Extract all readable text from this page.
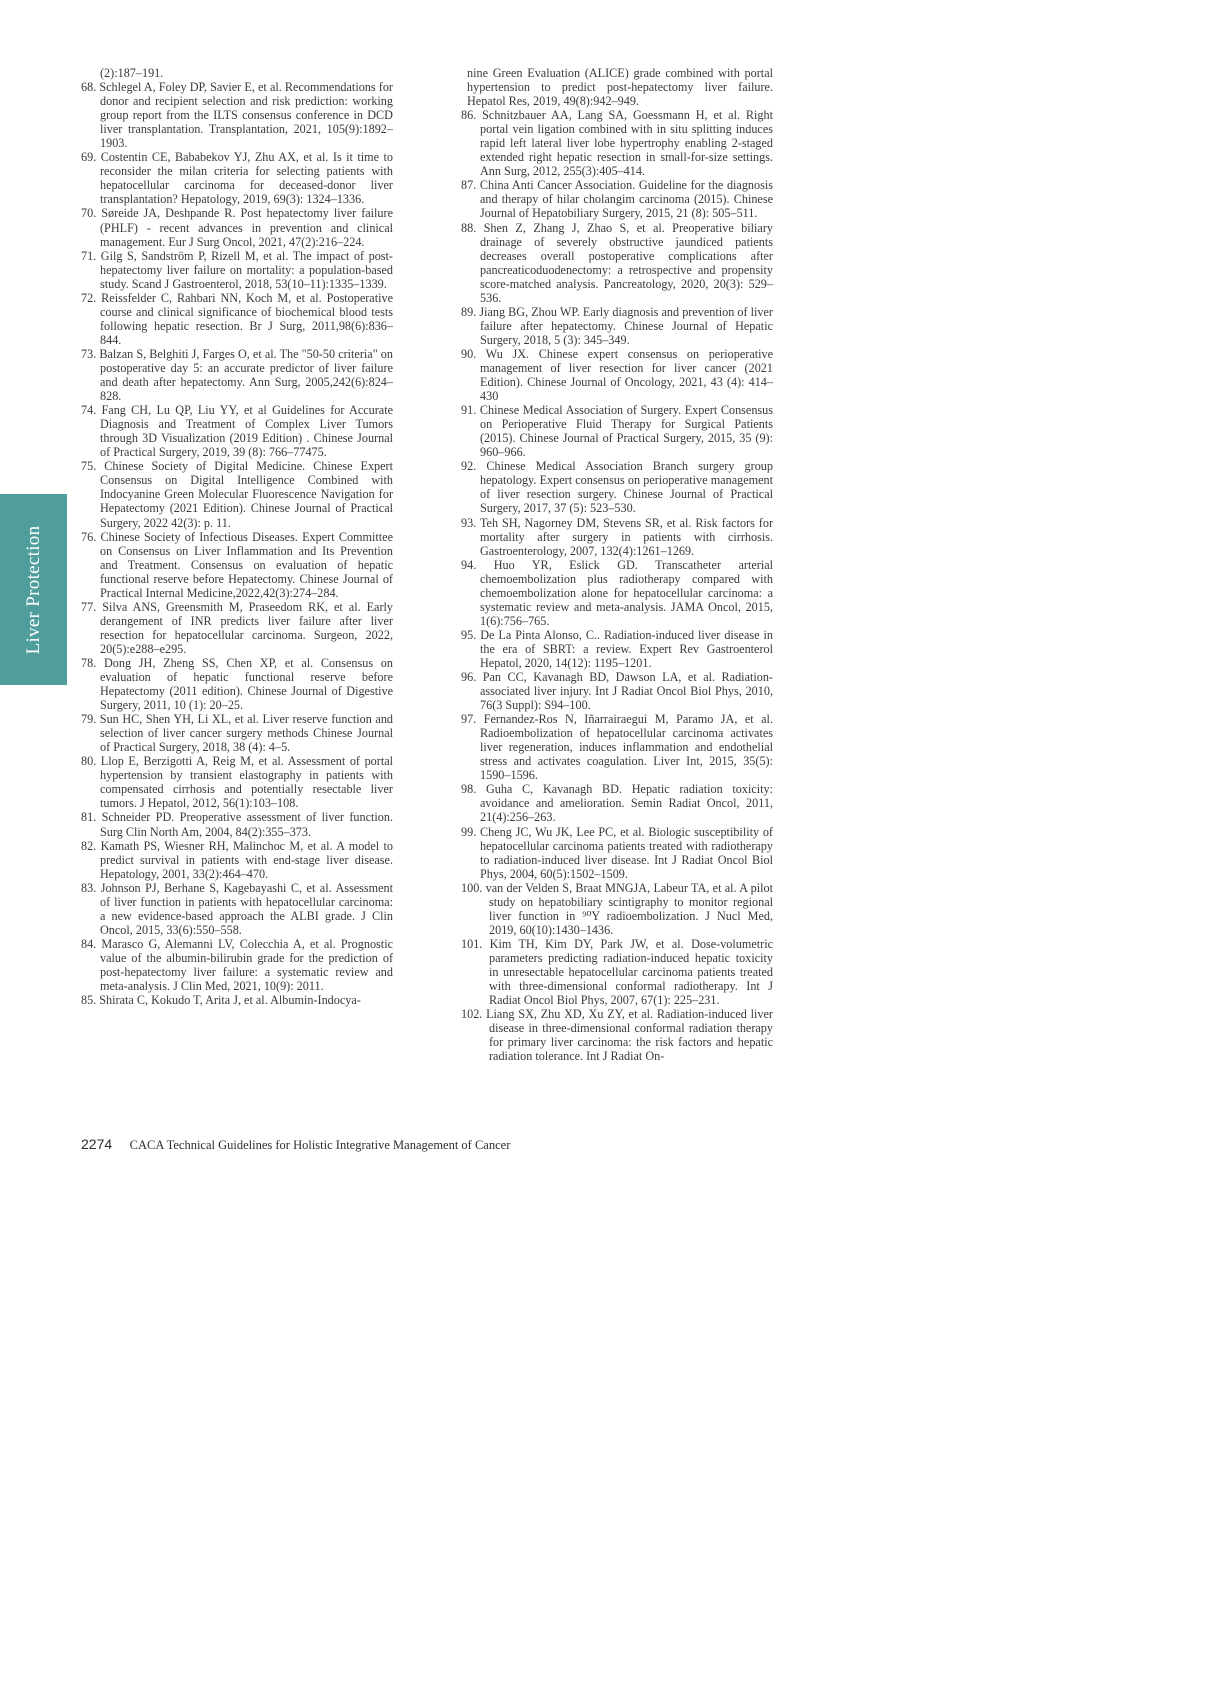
Liver Protection

(2):187–191.

68. Schlegel A, Foley DP, Savier E, et al. Recommendations for donor and recipient selection and risk prediction: working group report from the ILTS consensus conference in DCD liver transplantation. Transplantation, 2021, 105(9):1892–1903.

69. Costentin CE, Bababekov YJ, Zhu AX, et al. Is it time to reconsider the milan criteria for selecting patients with hepatocellular carcinoma for deceased-donor liver transplantation? Hepatology, 2019, 69(3): 1324–1336.

70. Søreide JA, Deshpande R. Post hepatectomy liver failure (PHLF) - recent advances in prevention and clinical management. Eur J Surg Oncol, 2021, 47(2):216–224.

71. Gilg S, Sandström P, Rizell M, et al. The impact of post-hepatectomy liver failure on mortality: a population-based study. Scand J Gastroenterol, 2018, 53(10–11):1335–1339.

72. Reissfelder C, Rahbari NN, Koch M, et al. Postoperative course and clinical significance of biochemical blood tests following hepatic resection. Br J Surg, 2011,98(6):836–844.

73. Balzan S, Belghiti J, Farges O, et al. The "50-50 criteria" on postoperative day 5: an accurate predictor of liver failure and death after hepatectomy. Ann Surg, 2005,242(6):824–828.

74. Fang CH, Lu QP, Liu YY, et al Guidelines for Accurate Diagnosis and Treatment of Complex Liver Tumors through 3D Visualization (2019 Edition) . Chinese Journal of Practical Surgery, 2019, 39 (8): 766–77475.

75. Chinese Society of Digital Medicine. Chinese Expert Consensus on Digital Intelligence Combined with Indocyanine Green Molecular Fluorescence Navigation for Hepatectomy (2021 Edition). Chinese Journal of Practical Surgery, 2022 42(3): p. 11.

76. Chinese Society of Infectious Diseases. Expert Committee on Consensus on Liver Inflammation and Its Prevention and Treatment. Consensus on evaluation of hepatic functional reserve before Hepatectomy. Chinese Journal of Practical Internal Medicine,2022,42(3):274–284.

77. Silva ANS, Greensmith M, Praseedom RK, et al. Early derangement of INR predicts liver failure after liver resection for hepatocellular carcinoma. Surgeon, 2022, 20(5):e288–e295.

78. Dong JH, Zheng SS, Chen XP, et al. Consensus on evaluation of hepatic functional reserve before Hepatectomy (2011 edition). Chinese Journal of Digestive Surgery, 2011, 10 (1): 20–25.

79. Sun HC, Shen YH, Li XL, et al. Liver reserve function and selection of liver cancer surgery methods Chinese Journal of Practical Surgery, 2018, 38 (4): 4–5.

80. Llop E, Berzigotti A, Reig M, et al. Assessment of portal hypertension by transient elastography in patients with compensated cirrhosis and potentially resectable liver tumors. J Hepatol, 2012, 56(1):103–108.

81. Schneider PD. Preoperative assessment of liver function. Surg Clin North Am, 2004, 84(2):355–373.

82. Kamath PS, Wiesner RH, Malinchoc M, et al. A model to predict survival in patients with end-stage liver disease. Hepatology, 2001, 33(2):464–470.

83. Johnson PJ, Berhane S, Kagebayashi C, et al. Assessment of liver function in patients with hepatocellular carcinoma: a new evidence-based approach the ALBI grade. J Clin Oncol, 2015, 33(6):550–558.

84. Marasco G, Alemanni LV, Colecchia A, et al. Prognostic value of the albumin-bilirubin grade for the prediction of post-hepatectomy liver failure: a systematic review and meta-analysis. J Clin Med, 2021, 10(9): 2011.

85. Shirata C, Kokudo T, Arita J, et al. Albumin-Indocya-

nine Green Evaluation (ALICE) grade combined with portal hypertension to predict post-hepatectomy liver failure. Hepatol Res, 2019, 49(8):942–949.

86. Schnitzbauer AA, Lang SA, Goessmann H, et al. Right portal vein ligation combined with in situ splitting induces rapid left lateral liver lobe hypertrophy enabling 2-staged extended right hepatic resection in small-for-size settings. Ann Surg, 2012, 255(3):405–414.

87. China Anti Cancer Association. Guideline for the diagnosis and therapy of hilar cholangim carcinoma (2015). Chinese Journal of Hepatobiliary Surgery, 2015, 21 (8): 505–511.

88. Shen Z, Zhang J, Zhao S, et al. Preoperative biliary drainage of severely obstructive jaundiced patients decreases overall postoperative complications after pancreaticoduodenectomy: a retrospective and propensity score-matched analysis. Pancreatology, 2020, 20(3): 529–536.

89. Jiang BG, Zhou WP. Early diagnosis and prevention of liver failure after hepatectomy. Chinese Journal of Hepatic Surgery, 2018, 5 (3): 345–349.

90. Wu JX. Chinese expert consensus on perioperative management of liver resection for liver cancer (2021 Edition). Chinese Journal of Oncology, 2021, 43 (4): 414–430

91. Chinese Medical Association of Surgery. Expert Consensus on Perioperative Fluid Therapy for Surgical Patients (2015). Chinese Journal of Practical Surgery, 2015, 35 (9): 960–966.

92. Chinese Medical Association Branch surgery group hepatology. Expert consensus on perioperative management of liver resection surgery. Chinese Journal of Practical Surgery, 2017, 37 (5): 523–530.

93. Teh SH, Nagorney DM, Stevens SR, et al. Risk factors for mortality after surgery in patients with cirrhosis. Gastroenterology, 2007, 132(4):1261–1269.

94. Huo YR, Eslick GD. Transcatheter arterial chemoembolization plus radiotherapy compared with chemoembolization alone for hepatocellular carcinoma: a systematic review and meta-analysis. JAMA Oncol, 2015, 1(6):756–765.

95. De La Pinta Alonso, C.. Radiation-induced liver disease in the era of SBRT: a review. Expert Rev Gastroenterol Hepatol, 2020, 14(12): 1195–1201.

96. Pan CC, Kavanagh BD, Dawson LA, et al. Radiation-associated liver injury. Int J Radiat Oncol Biol Phys, 2010, 76(3 Suppl): S94–100.

97. Fernandez-Ros N, Iñarrairaegui M, Paramo JA, et al. Radioembolization of hepatocellular carcinoma activates liver regeneration, induces inflammation and endothelial stress and activates coagulation. Liver Int, 2015, 35(5): 1590–1596.

98. Guha C, Kavanagh BD. Hepatic radiation toxicity: avoidance and amelioration. Semin Radiat Oncol, 2011, 21(4):256–263.

99. Cheng JC, Wu JK, Lee PC, et al. Biologic susceptibility of hepatocellular carcinoma patients treated with radiotherapy to radiation-induced liver disease. Int J Radiat Oncol Biol Phys, 2004, 60(5):1502–1509.

100. van der Velden S, Braat MNGJA, Labeur TA, et al. A pilot study on hepatobiliary scintigraphy to monitor regional liver function in ⁹⁰Y radioembolization. J Nucl Med, 2019, 60(10):1430–1436.

101. Kim TH, Kim DY, Park JW, et al. Dose-volumetric parameters predicting radiation-induced hepatic toxicity in unresectable hepatocellular carcinoma patients treated with three-dimensional conformal radiotherapy. Int J Radiat Oncol Biol Phys, 2007, 67(1): 225–231.

102. Liang SX, Zhu XD, Xu ZY, et al. Radiation-induced liver disease in three-dimensional conformal radiation therapy for primary liver carcinoma: the risk factors and hepatic radiation tolerance. Int J Radiat On-

2274 CACA Technical Guidelines for Holistic Integrative Management of Cancer
